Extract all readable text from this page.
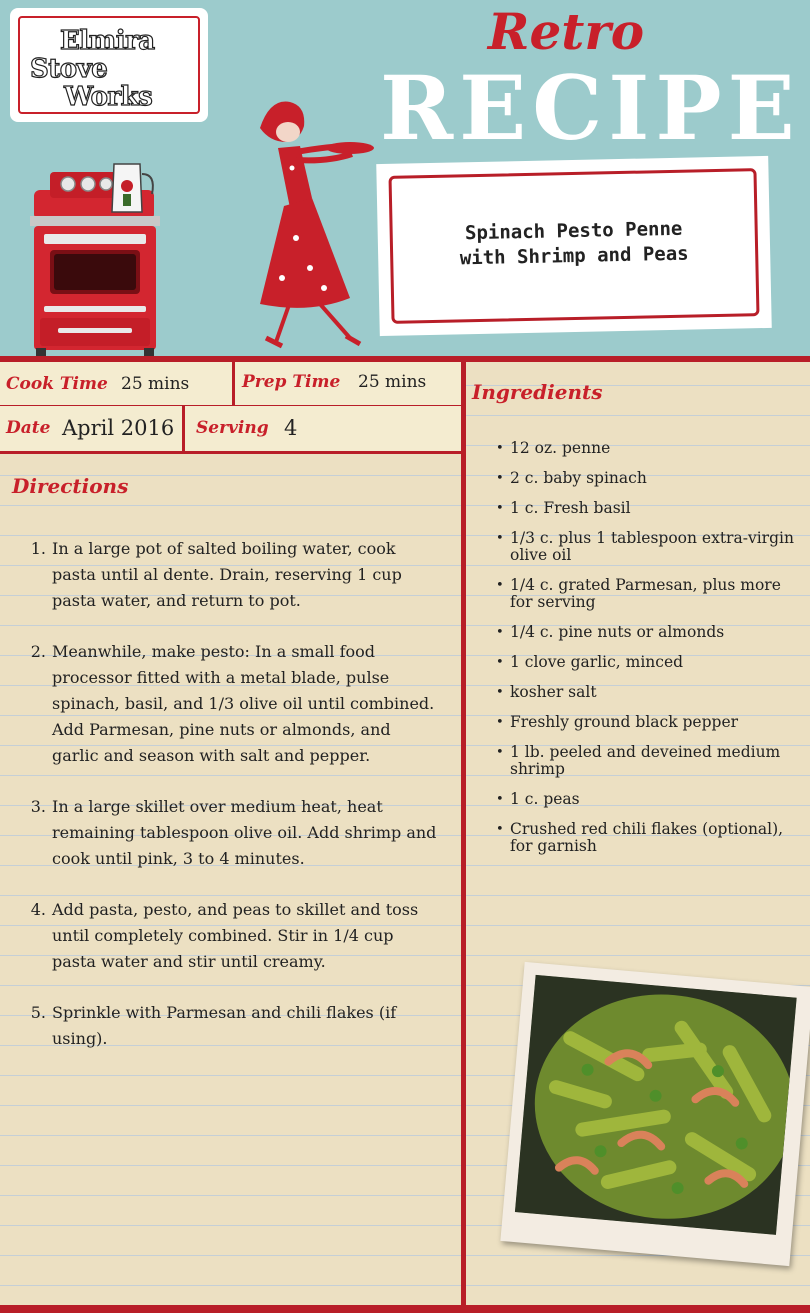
Elmira
Stove
Works
Retro
RECIPE
Spinach Pesto Penne
with Shrimp and Peas
Cook Time 25 mins	Prep Time 25 mins
Date April 2016 Serving 4
Directions
1. In a large pot of salted boiling water, cook pasta until al dente. Drain, reserving 1 cup pasta water, and return to pot.
2. Meanwhile, make pesto: In a small food processor fitted with a metal blade, pulse spinach, basil, and 1/3 olive oil until combined. Add Parmesan, pine nuts or almonds, and garlic and season with salt and pepper.
3. In a large skillet over medium heat, heat remaining tablespoon olive oil. Add shrimp and cook until pink, 3 to 4 minutes.
4. Add pasta, pesto, and peas to skillet and toss until completely combined. Stir in 1/4 cup pasta water and stir until creamy.
5. Sprinkle with Parmesan and chili flakes (if using).
Ingredients
• 12 oz. penne
• 2 c. baby spinach
• 1 c. Fresh basil
• 1/3 c. plus 1 tablespoon extra-virgin olive oil
• 1/4 c. grated Parmesan, plus more for serving
• 1/4 c. pine nuts or almonds
• 1 clove garlic, minced
• kosher salt
• Freshly ground black pepper
• 1 lb. peeled and deveined medium shrimp
• 1 c. peas
• Crushed red chili flakes (optional), for garnish
